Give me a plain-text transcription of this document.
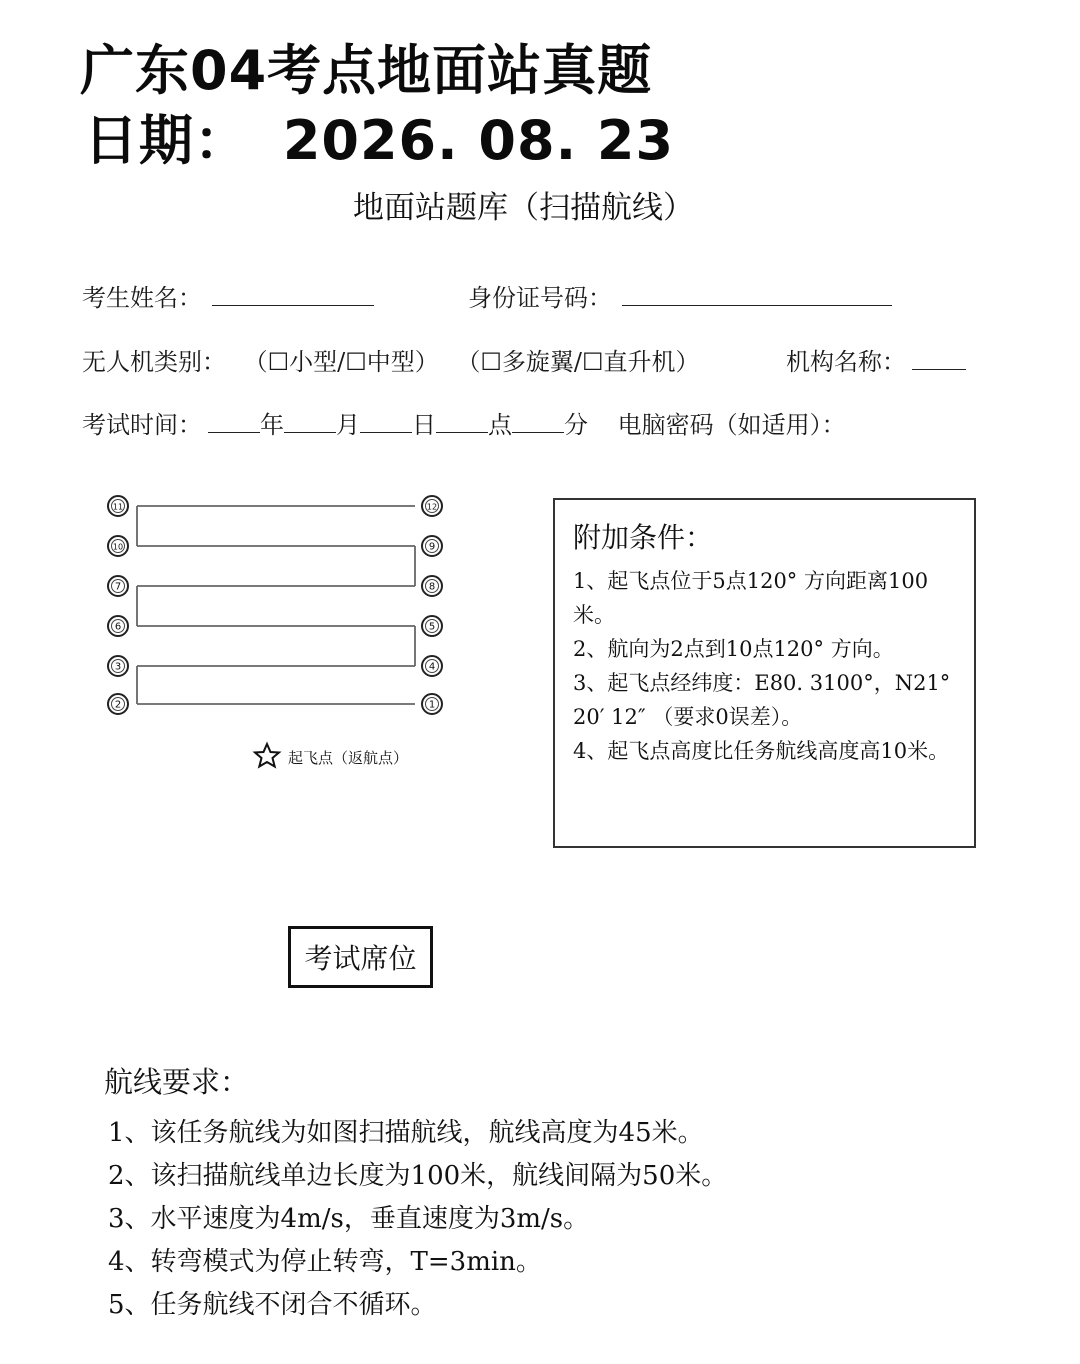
广东04考点地面站真题
日期： 2026. 08. 23
地面站题库（扫描航线）
考生姓名：	身份证号码：
无人机类别： （☐小型/☐中型） （☐多旋翼/☐直升机）	机构名称：
考试时间： 年 月 日 点 分 电脑密码（如适用）：
11
10
7
6
3
2
12
9
8
5
4
1
起飞点（返航点）
附加条件：
1、起飞点位于5点120° 方向距离100米。
2、航向为2点到10点120° 方向。
3、起飞点经纬度：E80. 3100°，N21° 20′ 12″ （要求0误差）。
4、起飞点高度比任务航线高度高10米。
考试席位
航线要求：
1、该任务航线为如图扫描航线，航线高度为45米。
2、该扫描航线单边长度为100米，航线间隔为50米。
3、水平速度为4m/s，垂直速度为3m/s。
4、转弯模式为停止转弯，T=3min。
5、任务航线不闭合不循环。
